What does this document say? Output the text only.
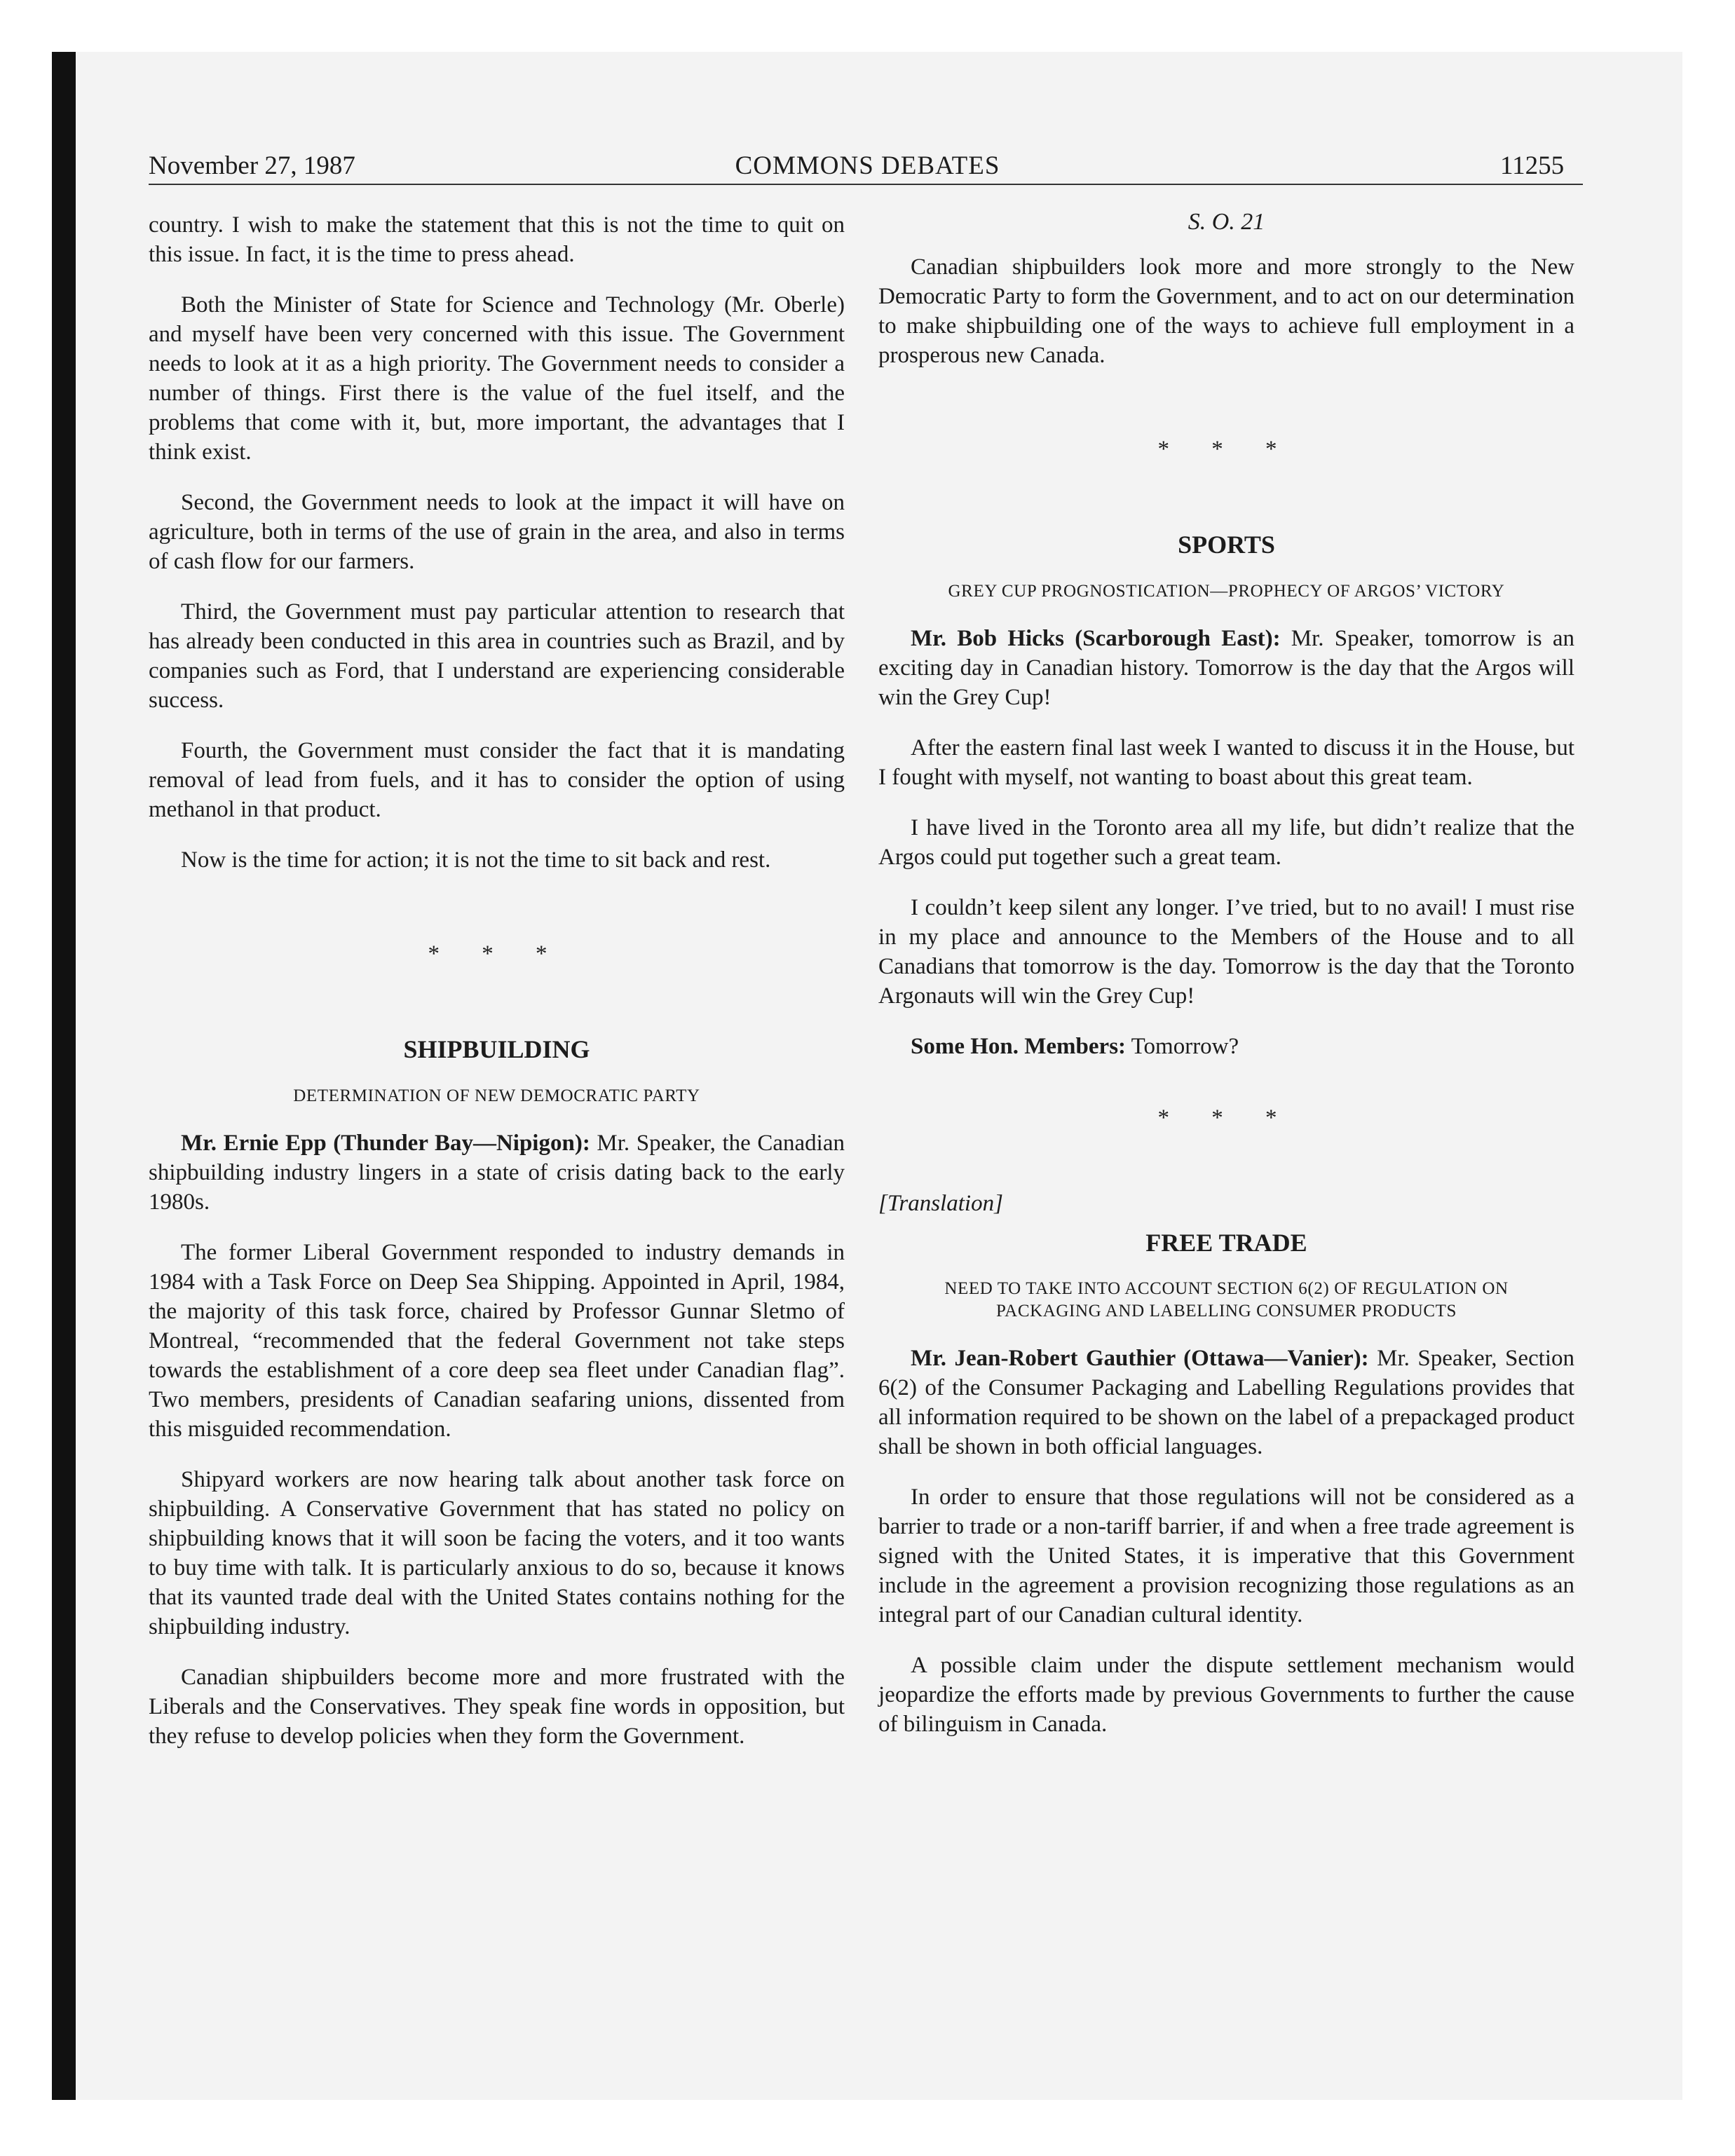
November 27, 1987	COMMONS DEBATES	11255

country. I wish to make the statement that this is not the time to quit on this issue. In fact, it is the time to press ahead.

Both the Minister of State for Science and Technology (Mr. Oberle) and myself have been very concerned with this issue. The Government needs to look at it as a high priority. The Government needs to consider a number of things. First there is the value of the fuel itself, and the problems that come with it, but, more important, the advantages that I think exist.

Second, the Government needs to look at the impact it will have on agriculture, both in terms of the use of grain in the area, and also in terms of cash flow for our farmers.

Third, the Government must pay particular attention to research that has already been conducted in this area in countries such as Brazil, and by companies such as Ford, that I understand are experiencing considerable success.

Fourth, the Government must consider the fact that it is mandating removal of lead from fuels, and it has to consider the option of using methanol in that product.

Now is the time for action; it is not the time to sit back and rest.

* * *
SHIPBUILDING
DETERMINATION OF NEW DEMOCRATIC PARTY

Mr. Ernie Epp (Thunder Bay—Nipigon): Mr. Speaker, the Canadian shipbuilding industry lingers in a state of crisis dating back to the early 1980s.

The former Liberal Government responded to industry demands in 1984 with a Task Force on Deep Sea Shipping. Appointed in April, 1984, the majority of this task force, chaired by Professor Gunnar Sletmo of Montreal, “recommended that the federal Government not take steps towards the establishment of a core deep sea fleet under Canadian flag”. Two members, presidents of Canadian seafaring unions, dissented from this misguided recommendation.

Shipyard workers are now hearing talk about another task force on shipbuilding. A Conservative Government that has stated no policy on shipbuilding knows that it will soon be facing the voters, and it too wants to buy time with talk. It is particularly anxious to do so, because it knows that its vaunted trade deal with the United States contains nothing for the shipbuilding industry.

Canadian shipbuilders become more and more frustrated with the Liberals and the Conservatives. They speak fine words in opposition, but they refuse to develop policies when they form the Government.

S. O. 21

Canadian shipbuilders look more and more strongly to the New Democratic Party to form the Government, and to act on our determination to make shipbuilding one of the ways to achieve full employment in a prosperous new Canada.

* * *
SPORTS
GREY CUP PROGNOSTICATION—PROPHECY OF ARGOS’ VICTORY

Mr. Bob Hicks (Scarborough East): Mr. Speaker, tomorrow is an exciting day in Canadian history. Tomorrow is the day that the Argos will win the Grey Cup!

After the eastern final last week I wanted to discuss it in the House, but I fought with myself, not wanting to boast about this great team.

I have lived in the Toronto area all my life, but didn’t realize that the Argos could put together such a great team.

I couldn’t keep silent any longer. I’ve tried, but to no avail! I must rise in my place and announce to the Members of the House and to all Canadians that tomorrow is the day. Tomorrow is the day that the Toronto Argonauts will win the Grey Cup!

Some Hon. Members: Tomorrow?

* * *
[Translation]
FREE TRADE
NEED TO TAKE INTO ACCOUNT SECTION 6(2) OF REGULATION ON PACKAGING AND LABELLING CONSUMER PRODUCTS

Mr. Jean-Robert Gauthier (Ottawa—Vanier): Mr. Speaker, Section 6(2) of the Consumer Packaging and Labelling Regulations provides that all information required to be shown on the label of a prepackaged product shall be shown in both official languages.

In order to ensure that those regulations will not be considered as a barrier to trade or a non-tariff barrier, if and when a free trade agreement is signed with the United States, it is imperative that this Government include in the agreement a provision recognizing those regulations as an integral part of our Canadian cultural identity.

A possible claim under the dispute settlement mechanism would jeopardize the efforts made by previous Governments to further the cause of bilinguism in Canada.
